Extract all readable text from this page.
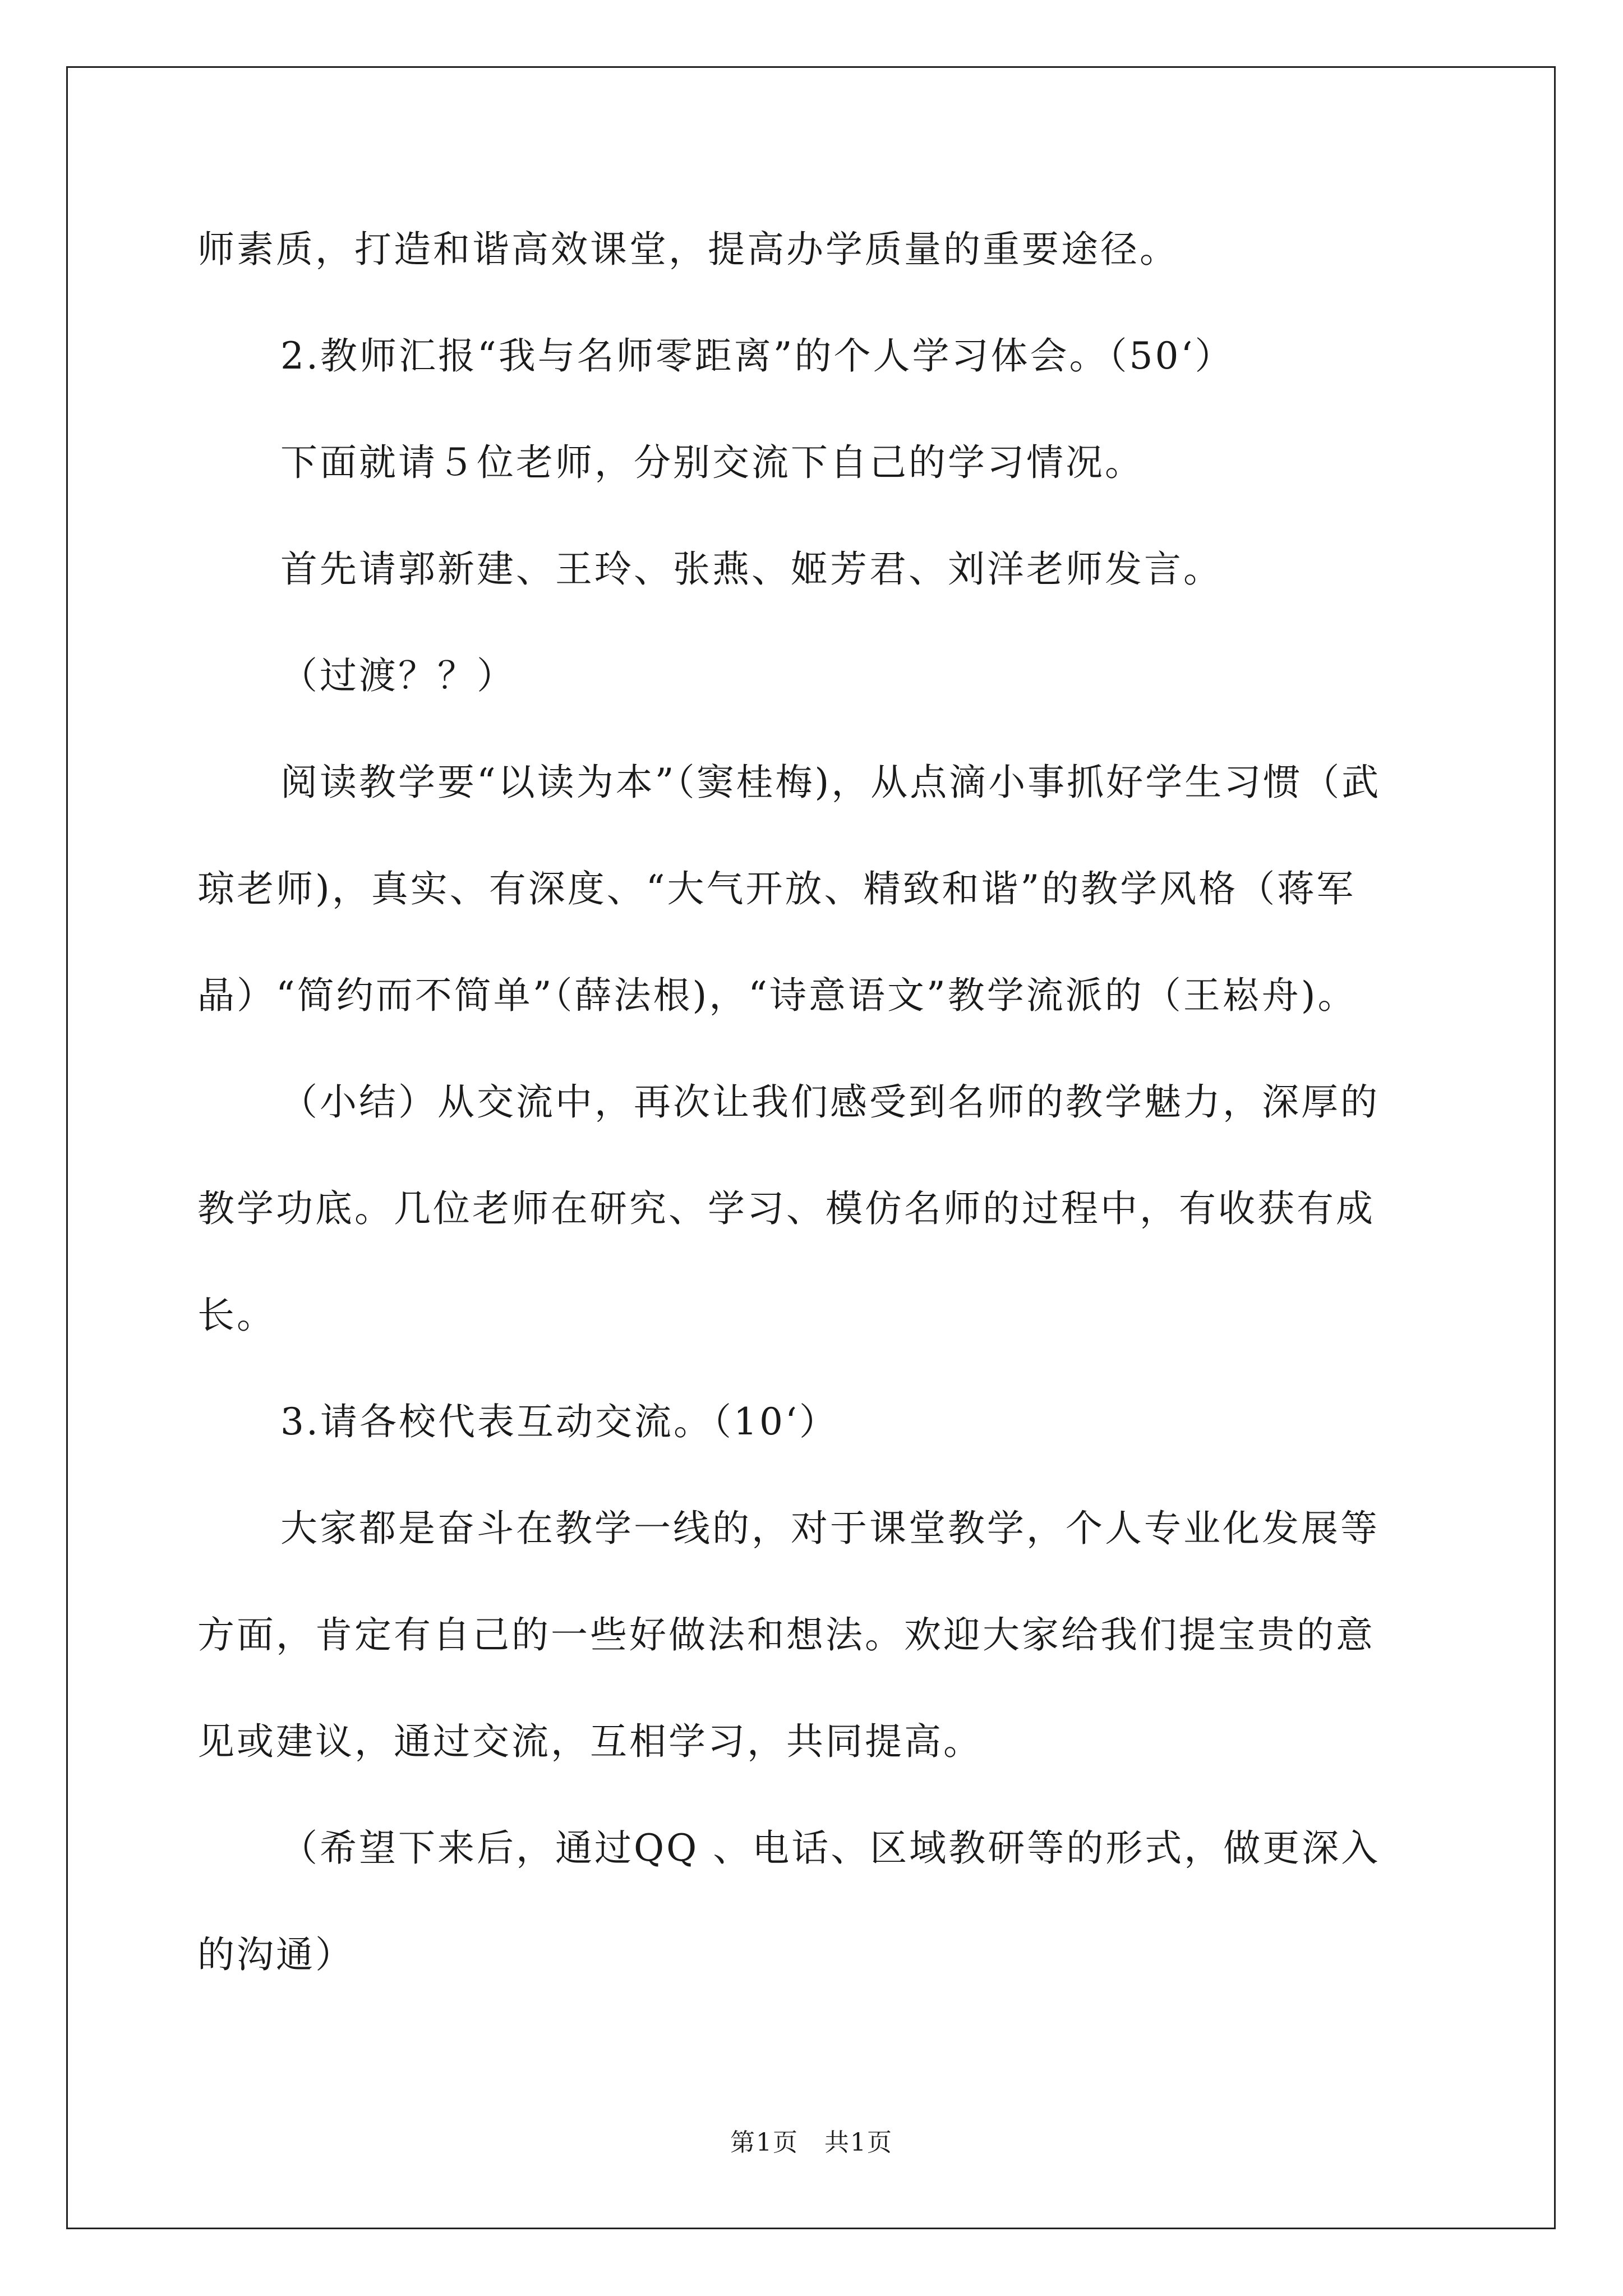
师素质，打造和谐高效课堂，提高办学质量的重要途径。
2.教师汇报“我与名师零距离”的个人学习体会。（50‘）
下面就请５位老师，分别交流下自己的学习情况。
首先请郭新建、王玲、张燕、姬芳君、刘洋老师发言。
（过渡？？）
阅读教学要“以读为本”（窦桂梅)，从点滴小事抓好学生习惯（武
琼老师)，真实、有深度、“大气开放、精致和谐”的教学风格（蒋军
晶）“简约而不简单”（薛法根)，“诗意语文”教学流派的（王崧舟)。
（小结）从交流中，再次让我们感受到名师的教学魅力，深厚的
教学功底。几位老师在研究、学习、模仿名师的过程中，有收获有成
长。
3.请各校代表互动交流。（10‘）
大家都是奋斗在教学一线的，对于课堂教学，个人专业化发展等
方面，肯定有自己的一些好做法和想法。欢迎大家给我们提宝贵的意
见或建议，通过交流，互相学习，共同提高。
（希望下来后，通过QQ 、电话、区域教研等的形式，做更深入
的沟通）
第1页　共1页
